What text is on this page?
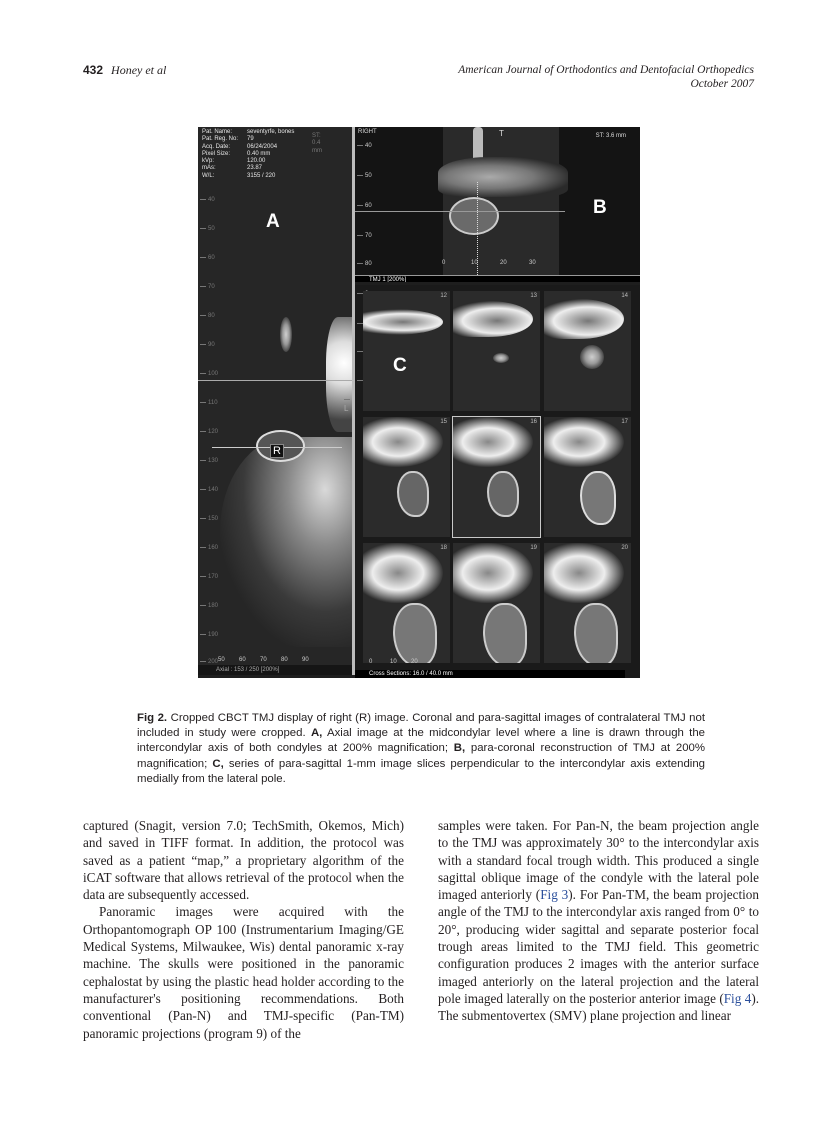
432 Honey et al	American Journal of Orthodontics and Dentofacial Orthopedics
October 2007
Pat. Name:	seventyrfe, bones
Pat. Reg. No:	79
Acq. Date:	06/24/2004
Pixel Size:	0.40 mm
kVp:	120.00
mAs:	23.87
W/L:	3155 / 220
ST: 0.4 mm
40
50
60
70
80
90
100
110
120
130
140
150
160
170
180
190
200
A
R
L
50	60	70	80	90
Axial : 153 / 250 [200%]
RIGHT	T	ST: 3.6 mm
B
40
50
60
70
80	0	10	20	30
TMJ 1 [200%]
12
C
13	14
15	16	17
18	19	20
0	10	20
Cross Sections: 16.0 / 40.0 mm
Fig 2. Cropped CBCT TMJ display of right (R) image. Coronal and para-sagittal images of contralateral TMJ not included in study were cropped. A, Axial image at the midcondylar level where a line is drawn through the intercondylar axis of both condyles at 200% magnification; B, para-coronal reconstruction of TMJ at 200% magnification; C, series of para-sagittal 1-mm image slices perpendicular to the intercondylar axis extending medially from the lateral pole.

captured (Snagit, version 7.0; TechSmith, Okemos, Mich) and saved in TIFF format. In addition, the protocol was saved as a patient “map,” a proprietary algorithm of the iCAT software that allows retrieval of the protocol when the data are subsequently accessed.

Panoramic images were acquired with the Orthopantomograph OP 100 (Instrumentarium Imaging/GE Medical Systems, Milwaukee, Wis) dental panoramic x-ray machine. The skulls were positioned in the panoramic cephalostat by using the plastic head holder according to the manufacturer's positioning recommendations. Both conventional (Pan-N) and TMJ-specific (Pan-TM) panoramic projections (program 9) of the

samples were taken. For Pan-N, the beam projection angle to the TMJ was approximately 30° to the intercondylar axis with a standard focal trough width. This produced a single sagittal oblique image of the condyle with the lateral pole imaged anteriorly (Fig 3). For Pan-TM, the beam projection angle of the TMJ to the intercondylar axis ranged from 0° to 20°, producing wider sagittal and separate posterior focal trough areas limited to the TMJ field. This geometric configuration produces 2 images with the anterior surface imaged anteriorly on the lateral projection and the lateral pole imaged laterally on the posterior anterior image (Fig 4). The submentovertex (SMV) plane projection and linear
